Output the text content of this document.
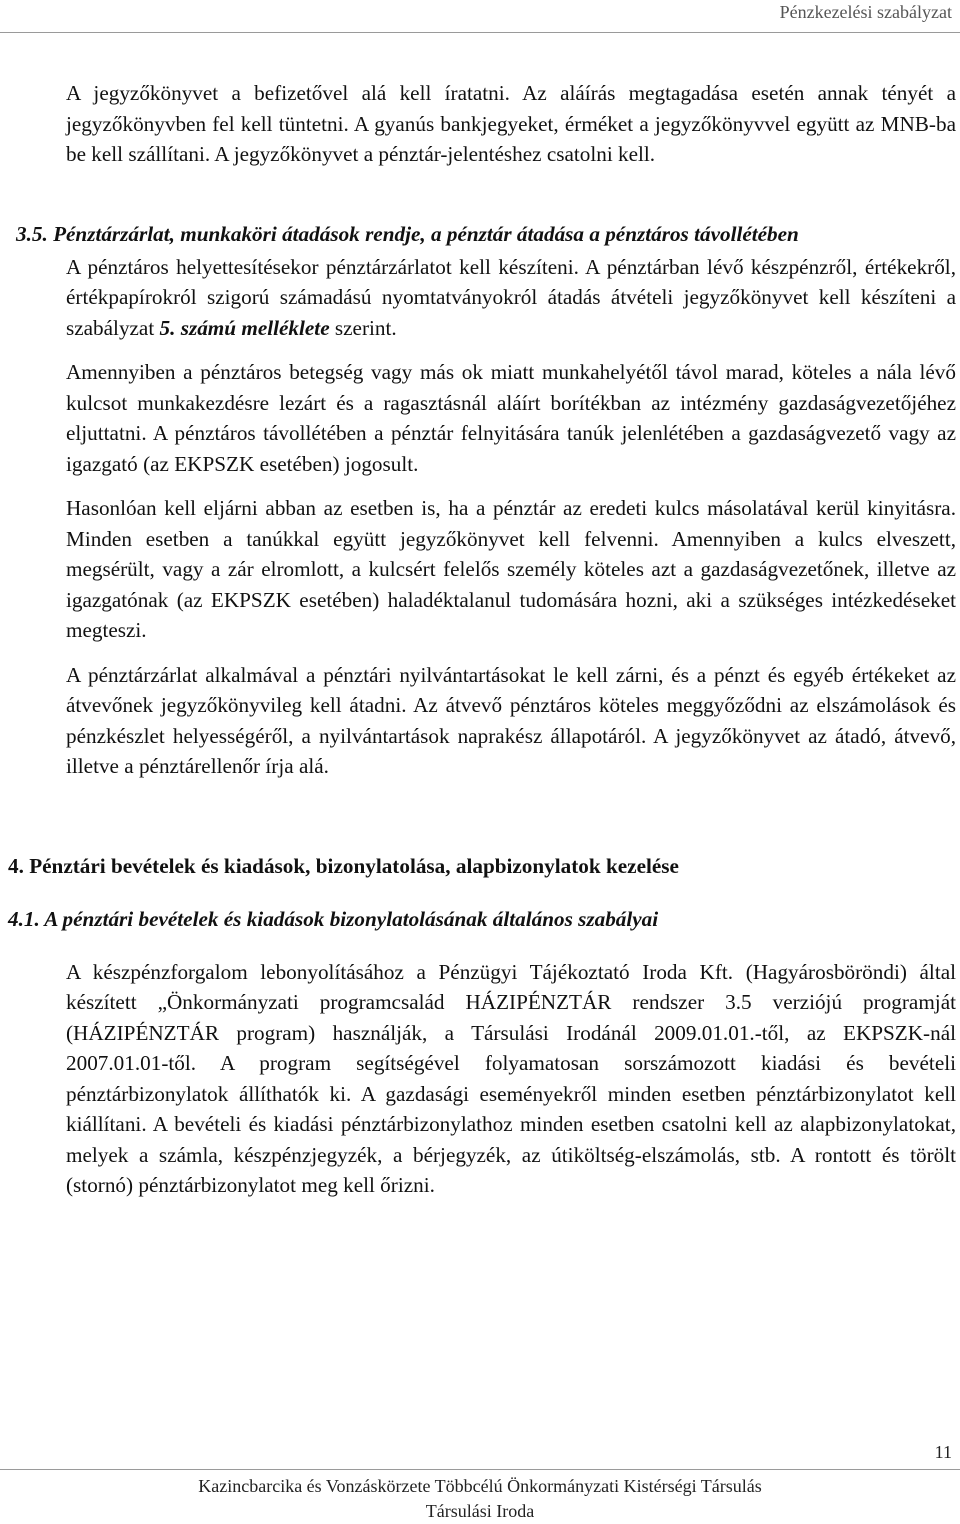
Pénzkezelési szabályzat

A jegyzőkönyvet a befizetővel alá kell íratatni. Az aláírás megtagadása esetén annak tényét a jegyzőkönyvben fel kell tüntetni. A gyanús bankjegyeket, érméket a jegyzőkönyvvel együtt az MNB-ba be kell szállítani. A jegyzőkönyvet a pénztár-jelentéshez csatolni kell.

3.5. Pénztárzárlat, munkaköri átadások rendje, a pénztár átadása a pénztáros távollétében

A pénztáros helyettesítésekor pénztárzárlatot kell készíteni. A pénztárban lévő készpénzről, értékekről, értékpapírokról szigorú számadású nyomtatványokról átadás átvételi jegyzőkönyvet kell készíteni a szabályzat 5. számú melléklete szerint.

Amennyiben a pénztáros betegség vagy más ok miatt munkahelyétől távol marad, köteles a nála lévő kulcsot munkakezdésre lezárt és a ragasztásnál aláírt borítékban az intézmény gazdaságvezetőjéhez eljuttatni. A pénztáros távollétében a pénztár felnyitására tanúk jelenlétében a gazdaságvezető vagy az igazgató (az EKPSZK esetében) jogosult.

Hasonlóan kell eljárni abban az esetben is, ha a pénztár az eredeti kulcs másolatával kerül kinyitásra. Minden esetben a tanúkkal együtt jegyzőkönyvet kell felvenni. Amennyiben a kulcs elveszett, megsérült, vagy a zár elromlott, a kulcsért felelős személy köteles azt a gazdaságvezetőnek, illetve az igazgatónak (az EKPSZK esetében) haladéktalanul tudomására hozni, aki a szükséges intézkedéseket megteszi.

A pénztárzárlat alkalmával a pénztári nyilvántartásokat le kell zárni, és a pénzt és egyéb értékeket az átvevőnek jegyzőkönyvileg kell átadni. Az átvevő pénztáros köteles meggyőződni az elszámolások és pénzkészlet helyességéről, a nyilvántartások naprakész állapotáról. A jegyzőkönyvet az átadó, átvevő, illetve a pénztárellenőr írja alá.

4. Pénztári bevételek és kiadások, bizonylatolása, alapbizonylatok kezelése
4.1. A pénztári bevételek és kiadások bizonylatolásának általános szabályai

A készpénzforgalom lebonyolításához a Pénzügyi Tájékoztató Iroda Kft. (Hagyárosböröndi) által készített „Önkormányzati programcsalád HÁZIPÉNZTÁR rendszer 3.5 verziójú programját (HÁZIPÉNZTÁR program) használják, a Társulási Irodánál 2009.01.01.-től, az EKPSZK-nál 2007.01.01-től. A program segítségével folyamatosan sorszámozott kiadási és bevételi pénztárbizonylatok állíthatók ki. A gazdasági eseményekről minden esetben pénztárbizonylatot kell kiállítani. A bevételi és kiadási pénztárbizonylathoz minden esetben csatolni kell az alapbizonylatokat, melyek a számla, készpénzjegyzék, a bérjegyzék, az útiköltség-elszámolás, stb. A rontott és törölt (stornó) pénztárbizonylatot meg kell őrizni.

11
Kazincbarcika és Vonzáskörzete Többcélú Önkormányzati Kistérségi Társulás
Társulási Iroda
